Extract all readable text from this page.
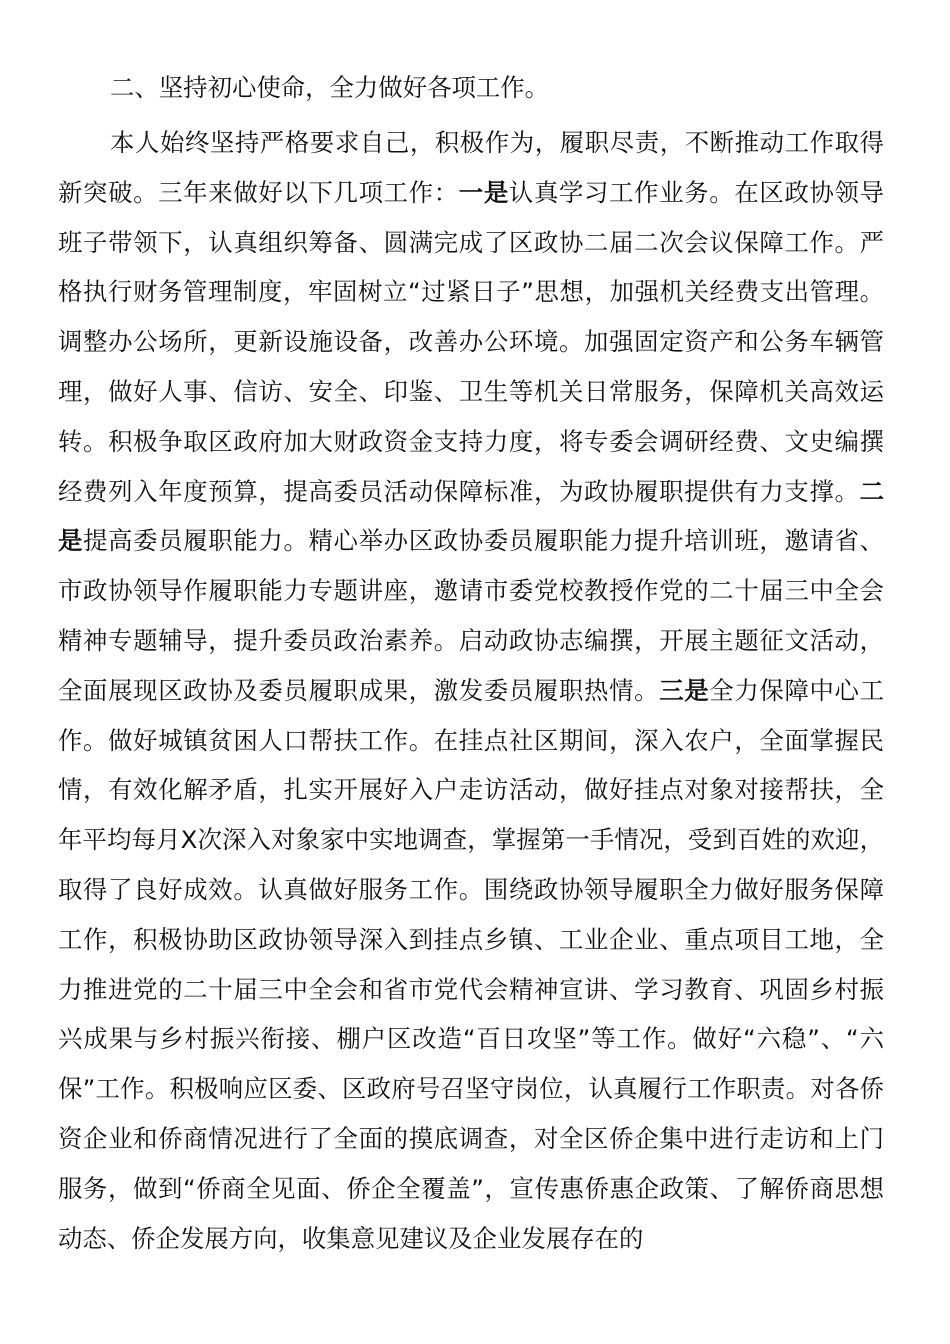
二、坚持初心使命，全力做好各项工作。

本人始终坚持严格要求自己，积极作为，履职尽责，不断推动工作取得新突破。三年来做好以下几项工作：一是认真学习工作业务。在区政协领导班子带领下，认真组织筹备、圆满完成了区政协二届二次会议保障工作。严格执行财务管理制度，牢固树立“过紧日子”思想，加强机关经费支出管理。调整办公场所，更新设施设备，改善办公环境。加强固定资产和公务车辆管理，做好人事、信访、安全、印鉴、卫生等机关日常服务，保障机关高效运转。积极争取区政府加大财政资金支持力度，将专委会调研经费、文史编撰经费列入年度预算，提高委员活动保障标准，为政协履职提供有力支撑。二是提高委员履职能力。精心举办区政协委员履职能力提升培训班，邀请省、市政协领导作履职能力专题讲座，邀请市委党校教授作党的二十届三中全会精神专题辅导，提升委员政治素养。启动政协志编撰，开展主题征文活动，全面展现区政协及委员履职成果，激发委员履职热情。三是全力保障中心工作。做好城镇贫困人口帮扶工作。在挂点社区期间，深入农户，全面掌握民情，有效化解矛盾，扎实开展好入户走访活动，做好挂点对象对接帮扶，全年平均每月X次深入对象家中实地调查，掌握第一手情况，受到百姓的欢迎，取得了良好成效。认真做好服务工作。围绕政协领导履职全力做好服务保障工作，积极协助区政协领导深入到挂点乡镇、工业企业、重点项目工地，全力推进党的二十届三中全会和省市党代会精神宣讲、学习教育、巩固乡村振兴成果与乡村振兴衔接、棚户区改造“百日攻坚”等工作。做好“六稳”、“六保”工作。积极响应区委、区政府号召坚守岗位，认真履行工作职责。对各侨资企业和侨商情况进行了全面的摸底调查，对全区侨企集中进行走访和上门服务，做到“侨商全见面、侨企全覆盖”，宣传惠侨惠企政策、了解侨商思想动态、侨企发展方向，收集意见建议及企业发展存在的
